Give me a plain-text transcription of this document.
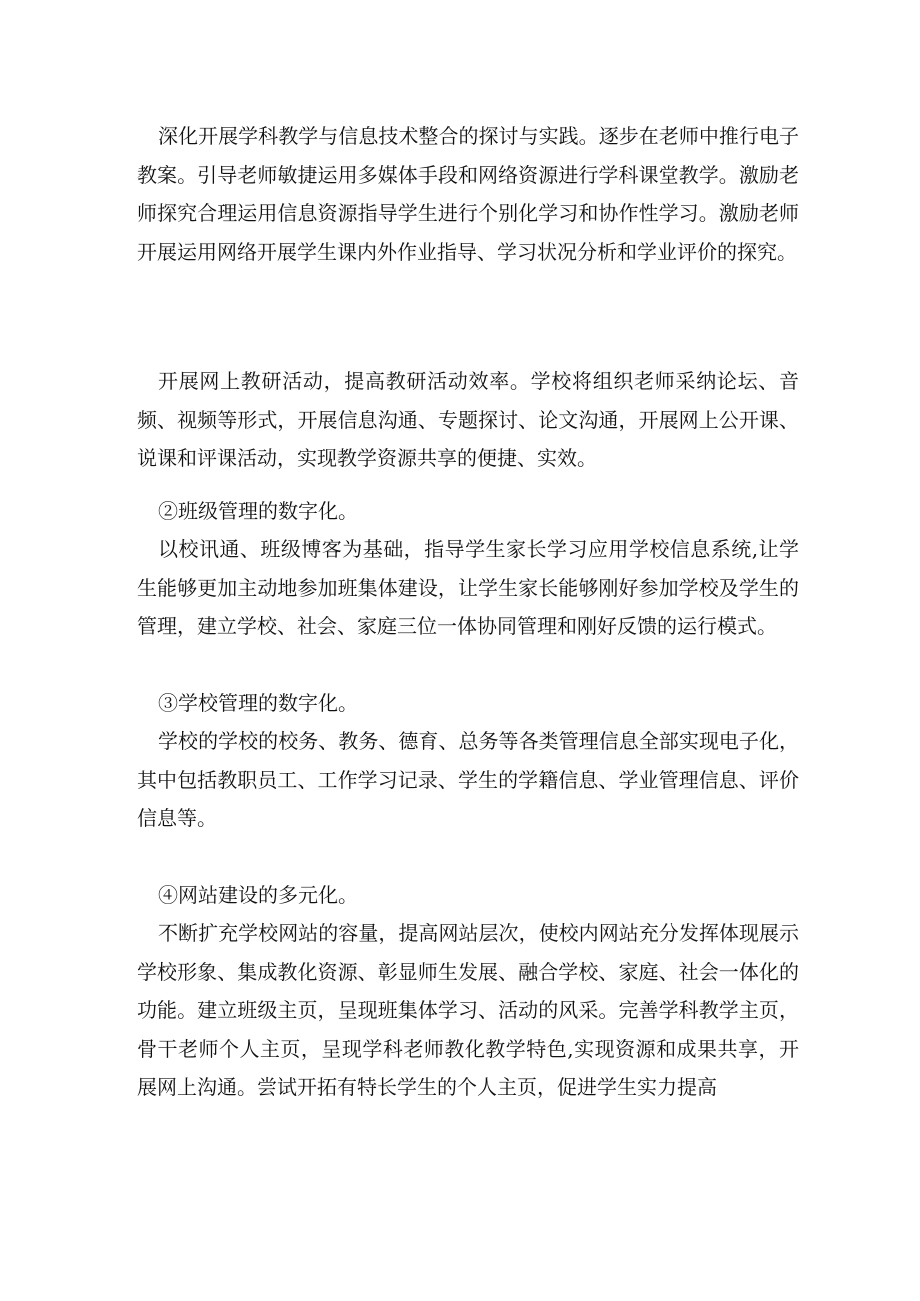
深化开展学科教学与信息技术整合的探讨与实践。逐步在老师中推行电子教案。引导老师敏捷运用多媒体手段和网络资源进行学科课堂教学。激励老师探究合理运用信息资源指导学生进行个别化学习和协作性学习。激励老师开展运用网络开展学生课内外作业指导、学习状况分析和学业评价的探究。

开展网上教研活动，提高教研活动效率。学校将组织老师采纳论坛、音频、视频等形式，开展信息沟通、专题探讨、论文沟通，开展网上公开课、说课和评课活动，实现教学资源共享的便捷、实效。

②班级管理的数字化。

以校讯通、班级博客为基础，指导学生家长学习应用学校信息系统,让学生能够更加主动地参加班集体建设，让学生家长能够刚好参加学校及学生的管理，建立学校、社会、家庭三位一体协同管理和刚好反馈的运行模式。

③学校管理的数字化。

学校的学校的校务、教务、德育、总务等各类管理信息全部实现电子化，其中包括教职员工、工作学习记录、学生的学籍信息、学业管理信息、评价信息等。

④网站建设的多元化。

不断扩充学校网站的容量，提高网站层次，使校内网站充分发挥体现展示学校形象、集成教化资源、彰显师生发展、融合学校、家庭、社会一体化的功能。建立班级主页，呈现班集体学习、活动的风采。完善学科教学主页，骨干老师个人主页，呈现学科老师教化教学特色,实现资源和成果共享，开展网上沟通。尝试开拓有特长学生的个人主页，促进学生实力提高
